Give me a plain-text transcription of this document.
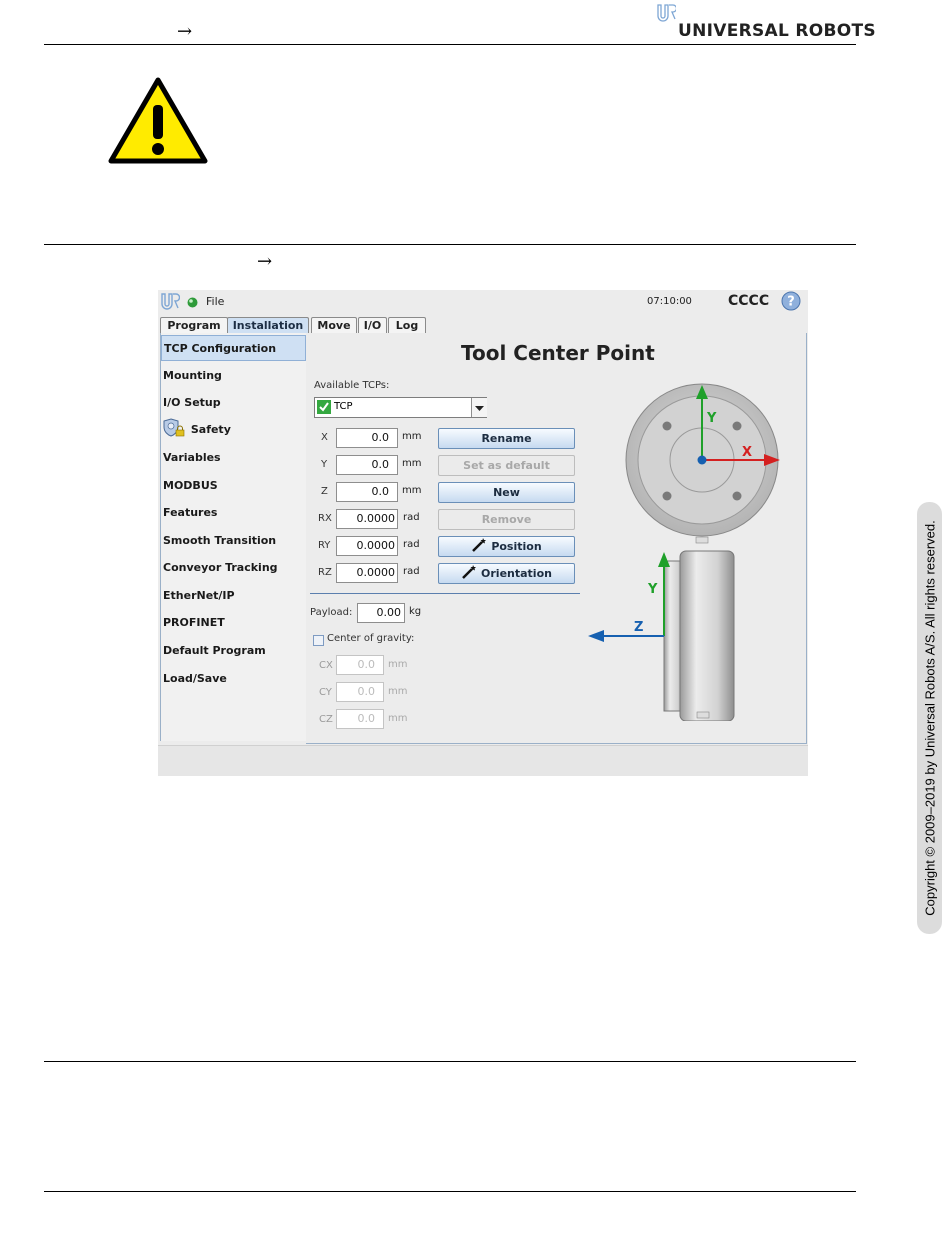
→	UNIVERSAL ROBOTS
→
File	07:10:00	CCCC ?
Program	Installation	Move	I/O	Log
TCP Configuration
Mounting
I/O Setup
Safety
Variables
MODBUS
Features
Smooth Transition
Conveyor Tracking
EtherNet/IP
PROFINET
Default Program
Load/Save
Tool Center Point
Available TCPs:
TCP
X	0.0	mm
Y	0.0	mm
Z	0.0	mm
RX	0.0000 rad
RY	0.0000 rad
RZ	0.0000 rad
Rename
Set as default
New
Remove
Position
Orientation
Payload:	0.00 kg
Center of gravity:
CX	0.0	mm
CY	0.0	mm
CZ	0.0	mm
Y
X
Y
Z	Copyright © 2009–2019 by Universal Robots A/S. All rights reserved.
